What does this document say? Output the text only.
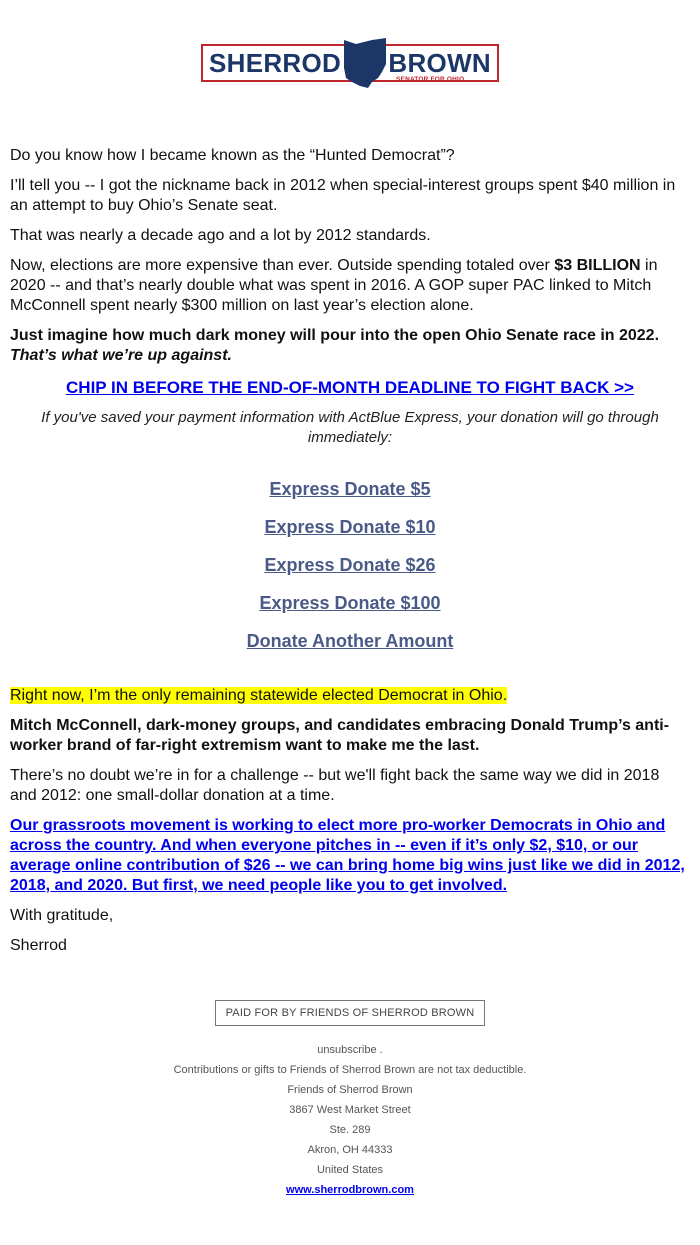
SHERROD BROWN
SENATOR FOR OHIO

Do you know how I became known as the “Hunted Democrat”?

I’ll tell you -- I got the nickname back in 2012 when special-interest groups spent $40 million in an attempt to buy Ohio’s Senate seat.

That was nearly a decade ago and a lot by 2012 standards.

Now, elections are more expensive than ever. Outside spending totaled over $3 BILLION in 2020 -- and that’s nearly double what was spent in 2016. A GOP super PAC linked to Mitch McConnell spent nearly $300 million on last year’s election alone.

Just imagine how much dark money will pour into the open Ohio Senate race in 2022. That’s what we’re up against.

CHIP IN BEFORE THE END-OF-MONTH DEADLINE TO FIGHT BACK >>
If you've saved your payment information with ActBlue Express, your donation will go through immediately:
Express Donate $5
Express Donate $10
Express Donate $26
Express Donate $100
Donate Another Amount

Right now, I’m the only remaining statewide elected Democrat in Ohio.

Mitch McConnell, dark-money groups, and candidates embracing Donald Trump’s anti-worker brand of far-right extremism want to make me the last.

There’s no doubt we’re in for a challenge -- but we'll fight back the same way we did in 2018 and 2012: one small-dollar donation at a time.

Our grassroots movement is working to elect more pro-worker Democrats in Ohio and across the country. And when everyone pitches in -- even if it’s only $2, $10, or our average online contribution of $26 -- we can bring home big wins just like we did in 2012, 2018, and 2020. But first, we need people like you to get involved.

With gratitude,

Sherrod

PAID FOR BY FRIENDS OF SHERROD BROWN
unsubscribe .
Contributions or gifts to Friends of Sherrod Brown are not tax deductible.
Friends of Sherrod Brown
3867 West Market Street
Ste. 289
Akron, OH 44333
United States
www.sherrodbrown.com
